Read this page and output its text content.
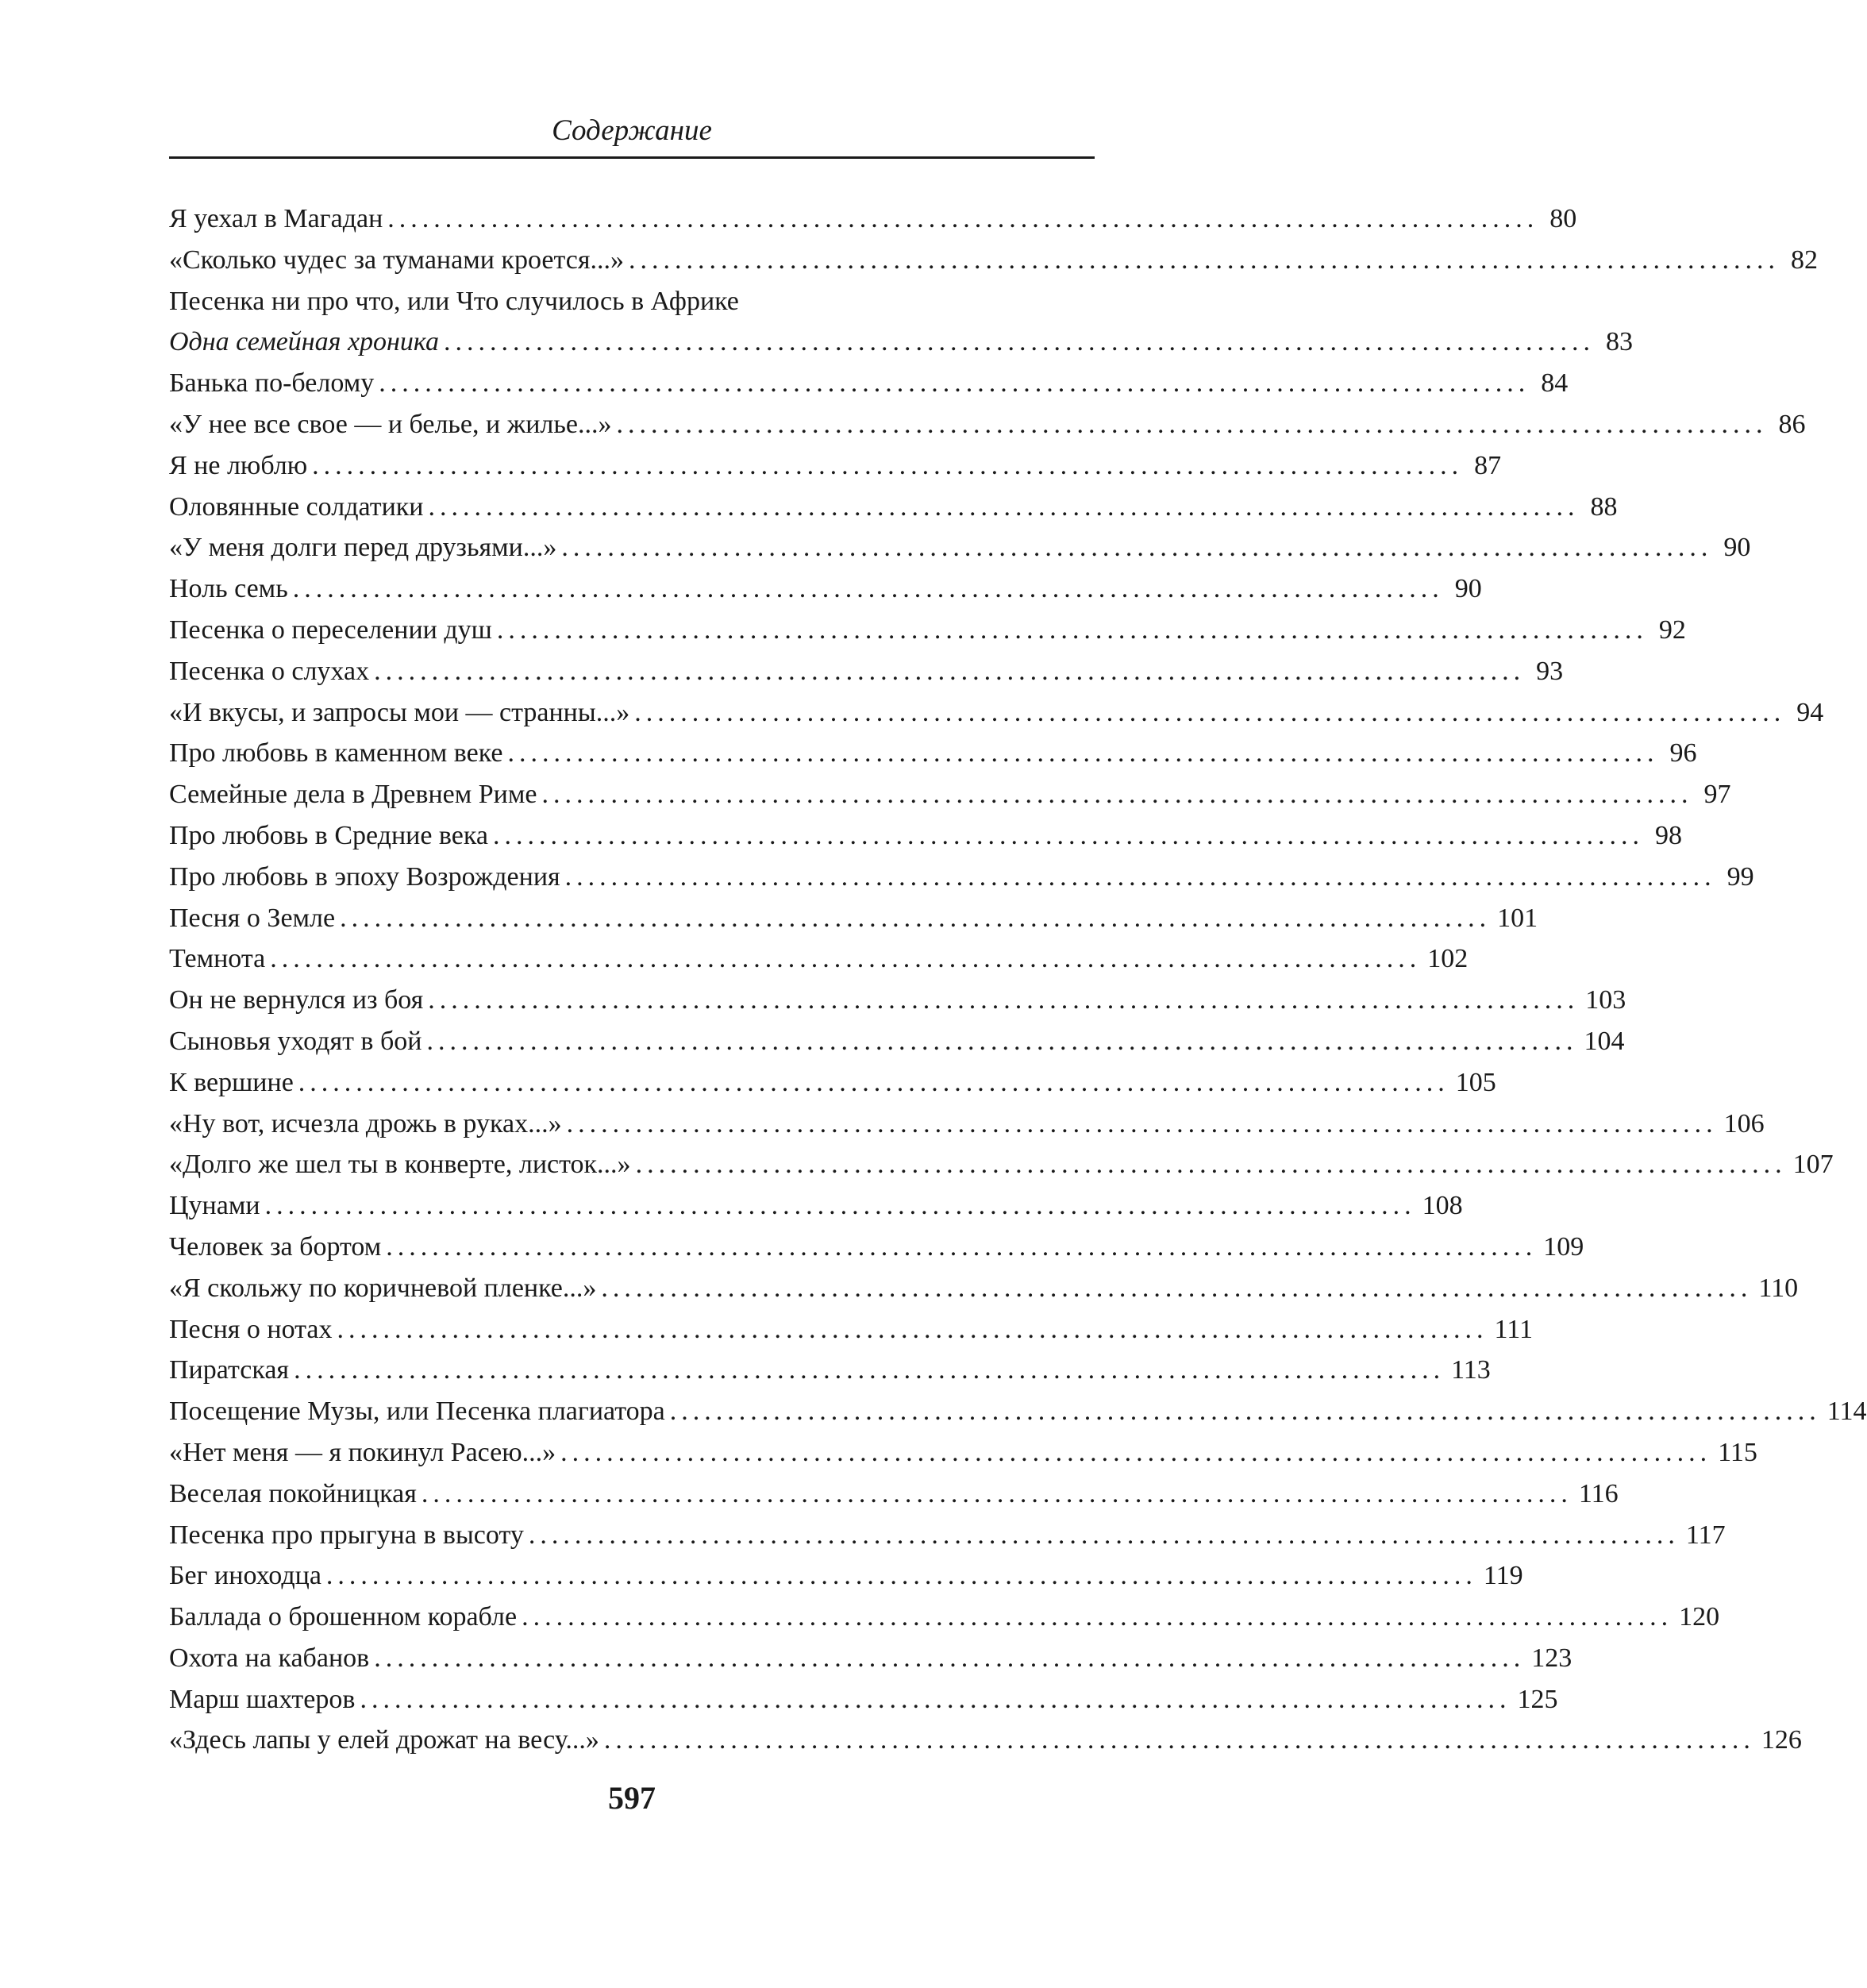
Содержание
Я уехал в Магадан .................................................................................................... 80
«Сколько чудес за туманами кроется...» .................................................................................................... 82
Песенка ни про что, или Что случилось в Африке
Одна семейная хроника .................................................................................................... 83
Банька по-белому .................................................................................................... 84
«У нее все свое — и белье, и жилье...» .................................................................................................... 86
Я не люблю .................................................................................................... 87
Оловянные солдатики .................................................................................................... 88
«У меня долги перед друзьями...» .................................................................................................... 90
Ноль семь .................................................................................................... 90
Песенка о переселении душ .................................................................................................... 92
Песенка о слухах .................................................................................................... 93
«И вкусы, и запросы мои — странны...» .................................................................................................... 94
Про любовь в каменном веке .................................................................................................... 96
Семейные дела в Древнем Риме .................................................................................................... 97
Про любовь в Средние века .................................................................................................... 98
Про любовь в эпоху Возрождения .................................................................................................... 99
Песня о Земле .................................................................................................... 101
Темнота .................................................................................................... 102
Он не вернулся из боя .................................................................................................... 103
Сыновья уходят в бой .................................................................................................... 104
К вершине .................................................................................................... 105
«Ну вот, исчезла дрожь в руках...» .................................................................................................... 106
«Долго же шел ты в конверте, листок...» .................................................................................................... 107
Цунами .................................................................................................... 108
Человек за бортом .................................................................................................... 109
«Я скольжу по коричневой пленке...» .................................................................................................... 110
Песня о нотах .................................................................................................... 111
Пиратская .................................................................................................... 113
Посещение Музы, или Песенка плагиатора .................................................................................................... 114
«Нет меня — я покинул Расею...» .................................................................................................... 115
Веселая покойницкая .................................................................................................... 116
Песенка про прыгуна в высоту .................................................................................................... 117
Бег иноходца .................................................................................................... 119
Баллада о брошенном корабле .................................................................................................... 120
Охота на кабанов .................................................................................................... 123
Марш шахтеров .................................................................................................... 125
«Здесь лапы у елей дрожат на весу...» .................................................................................................... 126
597
